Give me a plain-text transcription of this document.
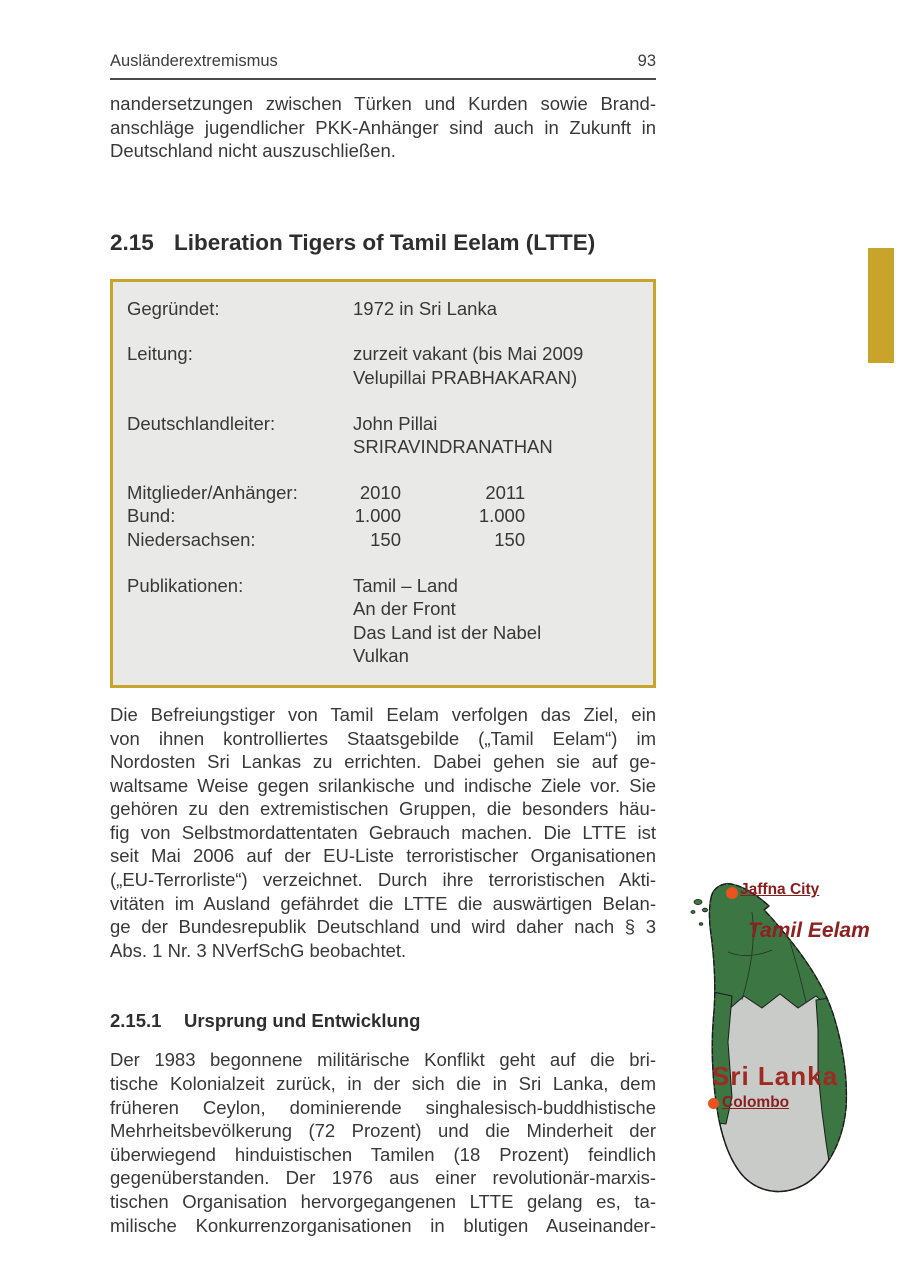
Ausländerextremismus	93
nandersetzungen zwischen Türken und Kurden sowie Brand-
anschläge jugendlicher PKK-Anhänger sind auch in Zukunft in
Deutschland nicht auszuschließen.
2.15 Liberation Tigers of Tamil Eelam (LTTE)
Gegründet:	1972 in Sri Lanka
Leitung:	zurzeit vakant (bis Mai 2009
Velupillai PRABHAKARAN)
Deutschlandleiter:	John Pillai
SRIRAVINDRANATHAN
Mitglieder/Anhänger:	2010	2011
Bund:	1.000	1.000
Niedersachsen:	150	150
Publikationen:	Tamil – Land
An der Front
Das Land ist der Nabel
Vulkan
Die Befreiungstiger von Tamil Eelam verfolgen das Ziel, ein
von ihnen kontrolliertes Staatsgebilde („Tamil Eelam“) im
Nordosten Sri Lankas zu errichten. Dabei gehen sie auf ge-
waltsame Weise gegen srilankische und indische Ziele vor. Sie
gehören zu den extremistischen Gruppen, die besonders häu-
fig von Selbstmordattentaten Gebrauch machen. Die LTTE ist
seit Mai 2006 auf der EU-Liste terroristischer Organisationen
(„EU-Terrorliste“) verzeichnet. Durch ihre terroristischen Akti-
vitäten im Ausland gefährdet die LTTE die auswärtigen Belan-
ge der Bundesrepublik Deutschland und wird daher nach § 3
Abs. 1 Nr. 3 NVerfSchG beobachtet.
2.15.1	Ursprung und Entwicklung
Der 1983 begonnene militärische Konflikt geht auf die bri-
tische Kolonialzeit zurück, in der sich die in Sri Lanka, dem
früheren Ceylon, dominierende singhalesisch-buddhistische
Mehrheitsbevölkerung (72 Prozent) und die Minderheit der
überwiegend hinduistischen Tamilen (18 Prozent) feindlich
gegenüberstanden. Der 1976 aus einer revolutionär-marxis-
tischen Organisation hervorgegangenen LTTE gelang es, ta-
milische Konkurrenzorganisationen in blutigen Auseinander-
Jaffna City
Tamil Eelam
Sri Lanka
Colombo
